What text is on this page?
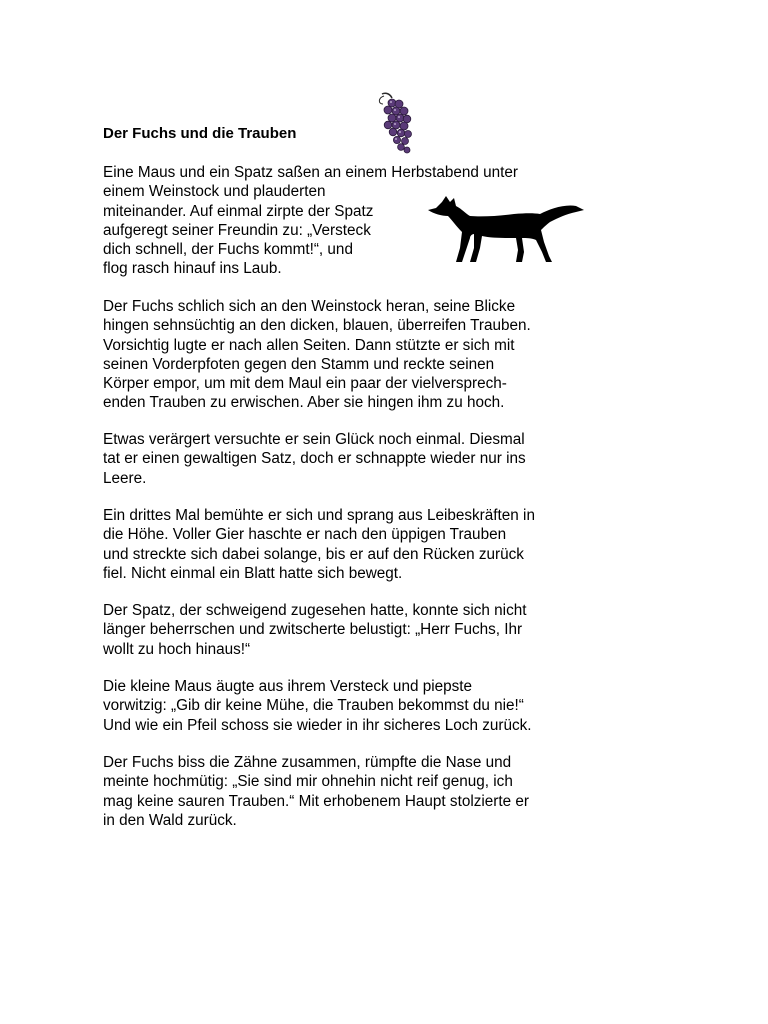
Der Fuchs und die Trauben

Eine Maus und ein Spatz saßen an einem Herbstabend unter
einem Weinstock und plauderten
miteinander. Auf einmal zirpte der Spatz
aufgeregt seiner Freundin zu: „Versteck
dich schnell, der Fuchs kommt!“, und
flog rasch hinauf ins Laub.

Der Fuchs schlich sich an den Weinstock heran, seine Blicke
hingen sehnsüchtig an den dicken, blauen, überreifen Trauben.
Vorsichtig lugte er nach allen Seiten. Dann stützte er sich mit
seinen Vorderpfoten gegen den Stamm und reckte seinen
Körper empor, um mit dem Maul ein paar der vielversprech-
enden Trauben zu erwischen. Aber sie hingen ihm zu hoch.

Etwas verärgert versuchte er sein Glück noch einmal. Diesmal
tat er einen gewaltigen Satz, doch er schnappte wieder nur ins
Leere.

Ein drittes Mal bemühte er sich und sprang aus Leibeskräften in
die Höhe. Voller Gier haschte er nach den üppigen Trauben
und streckte sich dabei solange, bis er auf den Rücken zurück
fiel. Nicht einmal ein Blatt hatte sich bewegt.

Der Spatz, der schweigend zugesehen hatte, konnte sich nicht
länger beherrschen und zwitscherte belustigt: „Herr Fuchs, Ihr
wollt zu hoch hinaus!“

Die kleine Maus äugte aus ihrem Versteck und piepste
vorwitzig: „Gib dir keine Mühe, die Trauben bekommst du nie!“
Und wie ein Pfeil schoss sie wieder in ihr sicheres Loch zurück.

Der Fuchs biss die Zähne zusammen, rümpfte die Nase und
meinte hochmütig: „Sie sind mir ohnehin nicht reif genug, ich
mag keine sauren Trauben.“ Mit erhobenem Haupt stolzierte er
in den Wald zurück.
